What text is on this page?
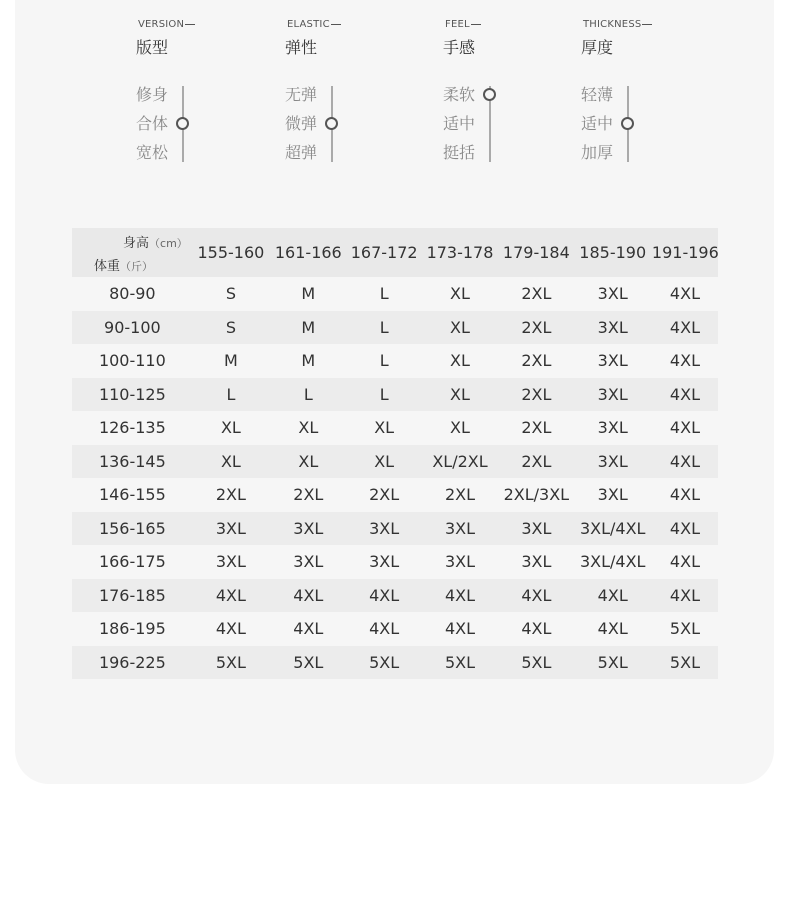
VERSION
版型
修身
合体
宽松
ELASTIC
弹性
无弹
微弹
超弹
FEEL
手感
柔软
适中
挺括
THICKNESS
厚度
轻薄
适中
加厚
身高（cm）
体重（斤）	155-160	161-166	167-172	173-178	179-184	185-190	191-196
80-90	S	M	L	XL	2XL	3XL	4XL
90-100	S	M	L	XL	2XL	3XL	4XL
100-110	M	M	L	XL	2XL	3XL	4XL
110-125	L	L	L	XL	2XL	3XL	4XL
126-135	XL	XL	XL	XL	2XL	3XL	4XL
136-145	XL	XL	XL	XL/2XL	2XL	3XL	4XL
146-155	2XL	2XL	2XL	2XL	2XL/3XL	3XL	4XL
156-165	3XL	3XL	3XL	3XL	3XL	3XL/4XL	4XL
166-175	3XL	3XL	3XL	3XL	3XL	3XL/4XL	4XL
176-185	4XL	4XL	4XL	4XL	4XL	4XL	4XL
186-195	4XL	4XL	4XL	4XL	4XL	4XL	5XL
196-225	5XL	5XL	5XL	5XL	5XL	5XL	5XL
